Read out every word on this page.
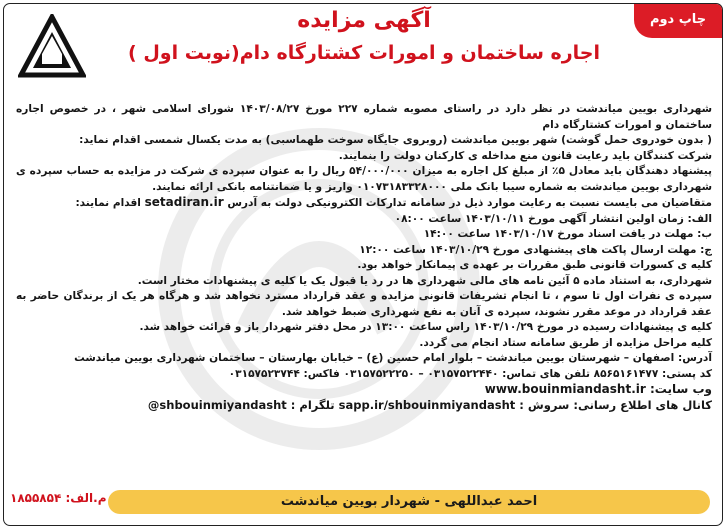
چاپ دوم
آگهی مزایده
اجاره ساختمان و امورات کشتارگاه دام(نوبت اول )

شهرداری بویین میاندشت در نظر دارد در راستای مصوبه شماره ۲۲۷ مورخ ۱۴۰۳/۰۸/۲۷ شورای اسلامی شهر ، در خصوص اجاره ساختمان و امورات کشتارگاه دام

( بدون خودروی حمل گوشت) شهر بویین میاندشت (روبروی جایگاه سوخت طهماسبی) به مدت یکسال شمسی اقدام نماید:

شرکت کنندگان باید رعایت قانون منع مداخله ی کارکنان دولت را بنمایند.

پیشنهاد دهندگان باید معادل ۵٪ از مبلغ کل اجاره به میزان ۵۴/۰۰۰/۰۰۰ ریال را به عنوان سپرده ی شرکت در مزایده به حساب سپرده ی شهرداری بویین میاندشت به شماره سیبا بانک ملی ۰۱۰۷۳۱۸۳۳۲۸۰۰۰ واریز و یا ضمانتنامه بانکی ارائه نمایند.

متقاضیان می بایست نسبت به رعایت موارد ذیل در سامانه تدارکات الکترونیکی دولت به آدرس setadiran.ir اقدام نمایند:

الف: زمان اولین انتشار آگهی مورخ ۱۴۰۳/۱۰/۱۱ ساعت ۰۸:۰۰

ب: مهلت در یافت اسناد مورخ ۱۴۰۳/۱۰/۱۷ ساعت ۱۴:۰۰

ج: مهلت ارسال پاکت های پیشنهادی مورخ ۱۴۰۳/۱۰/۲۹ ساعت ۱۲:۰۰

کلیه ی کسورات قانونی طبق مقررات بر عهده ی پیمانکار خواهد بود.

شهرداری، به استناد ماده ۵ آئین نامه های مالی شهرداری ها در رد یا قبول یک یا کلیه ی پیشنهادات مختار است.

سپرده ی نفرات اول تا سوم ، تا انجام تشریفات قانونی مزایده و عقد قرارداد مسترد نخواهد شد و هرگاه هر یک از برندگان حاضر به عقد قرارداد در موعد مقرر نشوند، سپرده ی آنان به نفع شهرداری ضبط خواهد شد.

کلیه ی پیشنهادات رسیده در مورخ ۱۴۰۳/۱۰/۲۹ راس ساعت ۱۳:۰۰ در محل دفتر شهردار باز و قرائت خواهد شد.

کلیه مراحل مزایده از طریق سامانه ستاد انجام می گردد.

آدرس: اصفهان – شهرستان بویین میاندشت – بلوار امام حسین (ع) – خیابان بهارستان – ساختمان شهرداری بویین میاندشت

کد پستی: ۸۵۶۵۱۶۱۴۷۷ تلفن های تماس: ۰۳۱۵۷۵۲۲۴۴۰ – ۰۳۱۵۷۵۲۲۲۵۰ فاکس: ۰۳۱۵۷۵۲۳۷۴۴

وب سایت: www.bouinmiandasht.ir

کانال های اطلاع رسانی: سروش : sapp.ir/shbouinmiyandasht تلگرام : @shbouinmiyandasht

احمد عبداللهی - شهردار بویین میاندشت
م.الف: ۱۸۵۵۸۵۴
